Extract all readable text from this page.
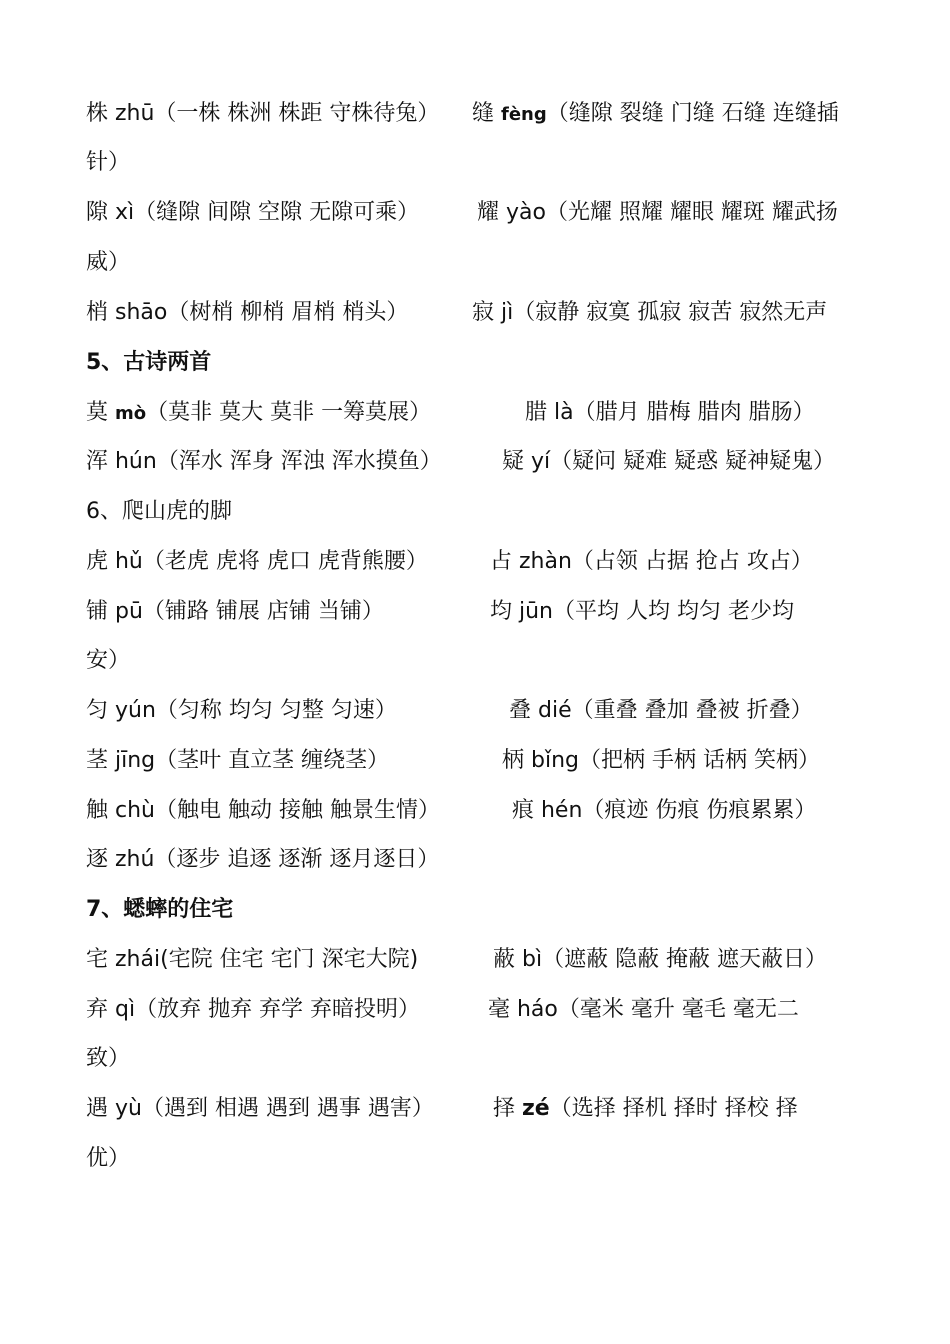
株 zhū（一株 株洲 株距 守株待兔） 缝 fèng（缝隙 裂缝 门缝 石缝 连缝插
针）
隙 xì（缝隙 间隙 空隙 无隙可乘）	耀 yào（光耀 照耀 耀眼 耀斑 耀武扬
威）
梢 shāo（树梢 柳梢 眉梢 梢头）	寂 jì（寂静 寂寞 孤寂 寂苦 寂然无声
5、古诗两首
莫 mò（莫非 莫大 莫非 一筹莫展）	腊 là（腊月 腊梅 腊肉 腊肠）
浑 hún（浑水 浑身 浑浊 浑水摸鱼）	疑 yí（疑问 疑难 疑惑 疑神疑鬼）
6、爬山虎的脚
虎 hǔ（老虎 虎将 虎口 虎背熊腰）	占 zhàn（占领 占据 抢占 攻占）
铺 pū（铺路 铺展 店铺 当铺）	均 jūn（平均 人均 均匀 老少均
安）
匀 yún（匀称 均匀 匀整 匀速）	叠 dié（重叠 叠加 叠被 折叠）
茎 jīng（茎叶 直立茎 缠绕茎）	柄 bǐng（把柄 手柄 话柄 笑柄）
触 chù（触电 触动 接触 触景生情）	痕 hén（痕迹 伤痕 伤痕累累）
逐 zhú（逐步 追逐 逐渐 逐月逐日）
7、蟋蟀的住宅
宅 zhái(宅院 住宅 宅门 深宅大院)	蔽 bì（遮蔽 隐蔽 掩蔽 遮天蔽日）
弃 qì（放弃 抛弃 弃学 弃暗投明）	毫 háo（毫米 毫升 毫毛 毫无二
致）
遇 yù（遇到 相遇 遇到 遇事 遇害）	择 zé（选择 择机 择时 择校 择
优）
